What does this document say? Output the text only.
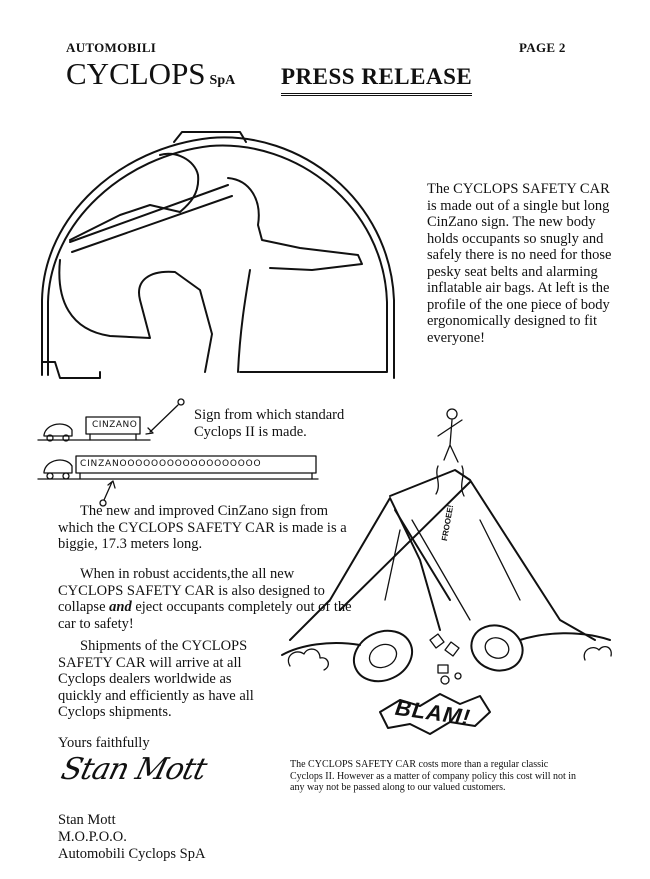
AUTOMOBILI	PAGE 2
CYCLOPS SpA PRESS RELEASE
The CYCLOPS SAFETY CAR is made out of a single but long CinZano sign. The new body holds occupants so snugly and safely there is no need for those pesky seat belts and alarming inflatable air bags. At left is the profile of the one piece of body ergonomically designed to fit everyone!
CINZANO
Sign from which standard Cyclops II is made.
CINZANOOOOOOOOOOOOOOOOOO
The new and improved CinZano sign from which the CYCLOPS SAFETY CAR is made is a biggie, 17.3 meters long.
When in robust accidents,the all new CYCLOPS SAFETY CAR is also designed to collapse and eject occupants completely out of the car to safety!
Shipments of the CYCLOPS SAFETY CAR will arrive at all Cyclops dealers worldwide as quickly and efficiently as have all Cyclops shipments.	BLAM!
FROOEE!
The CYCLOPS SAFETY CAR costs more than a regular classic Cyclops II. However as a matter of company policy this cost will not in any way not be passed along to our valued customers.
Yours faithfully
Stan Mott
Stan Mott
M.O.P.O.O.
Automobili Cyclops SpA
